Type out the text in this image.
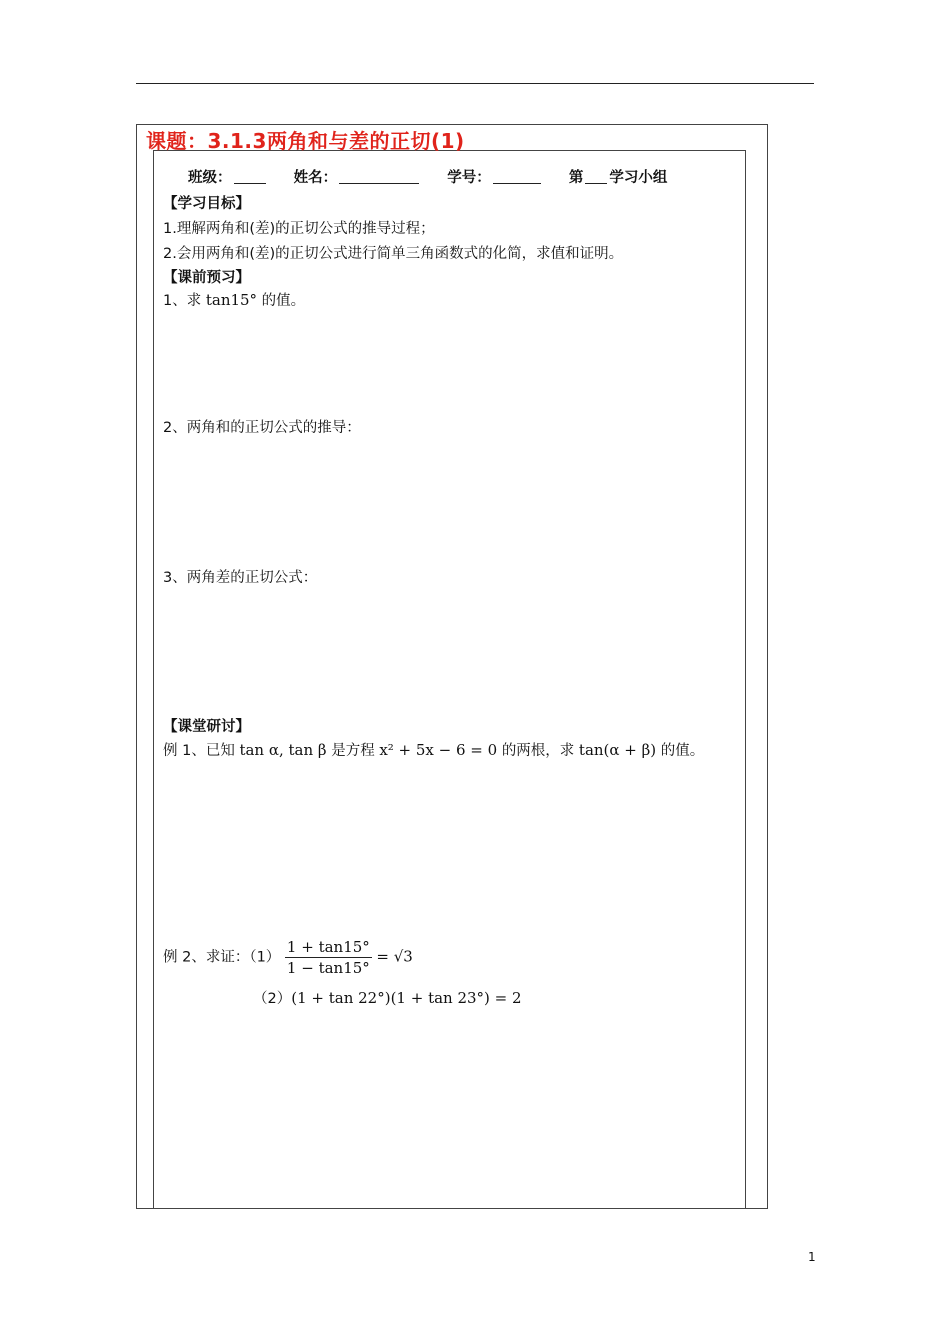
课题：3.1.3两角和与差的正切(1)
班级：	姓名：	学号：	第 学习小组
【学习目标】
1.理解两角和(差)的正切公式的推导过程；
2.会用两角和(差)的正切公式进行简单三角函数式的化简，求值和证明。
【课前预习】
1、求 tan15° 的值。
2、两角和的正切公式的推导：
3、两角差的正切公式：
【课堂研讨】
例 1、已知 tan α, tan β 是方程 x² + 5x − 6 = 0 的两根，求 tan(α + β) 的值。
例 2、求证：$(1) \frac{1 + \tan 15^\circ}{1 - \tan 15^\circ} = √3$
（2）(1 + tan 22°)(1 + tan 23°) = 2
1
